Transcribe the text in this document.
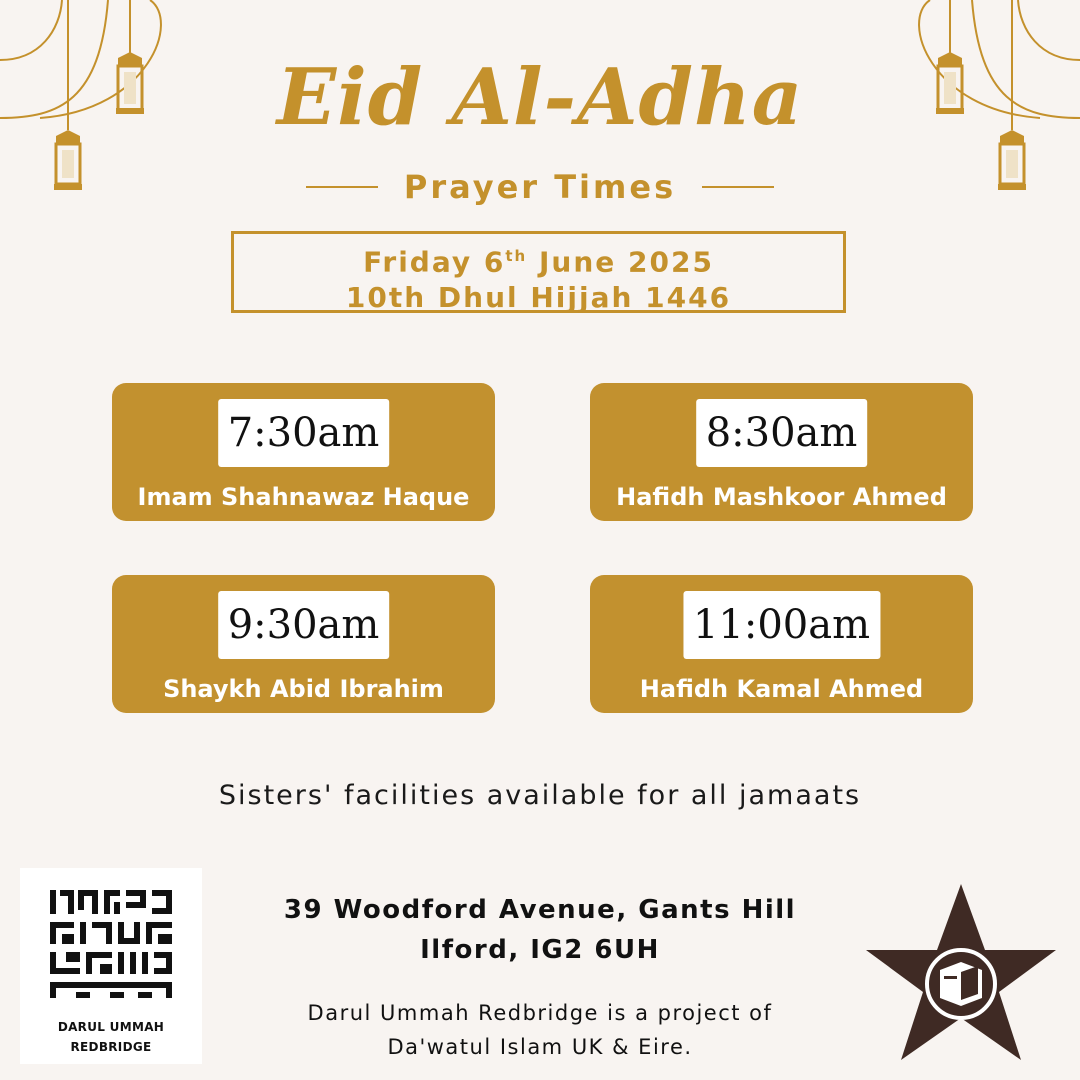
Eid Al-Adha
Prayer Times
Friday 6th June 2025
10th Dhul Hijjah 1446
7:30am
Imam Shahnawaz Haque
8:30am
Hafidh Mashkoor Ahmed
9:30am
Shaykh Abid Ibrahim
11:00am
Hafidh Kamal Ahmed
Sisters' facilities available for all jamaats
DARUL UMMAH
REDBRIDGE
39 Woodford Avenue, Gants Hill
Ilford, IG2 6UH
Darul Ummah Redbridge is a project of
Da'watul Islam UK & Eire.
